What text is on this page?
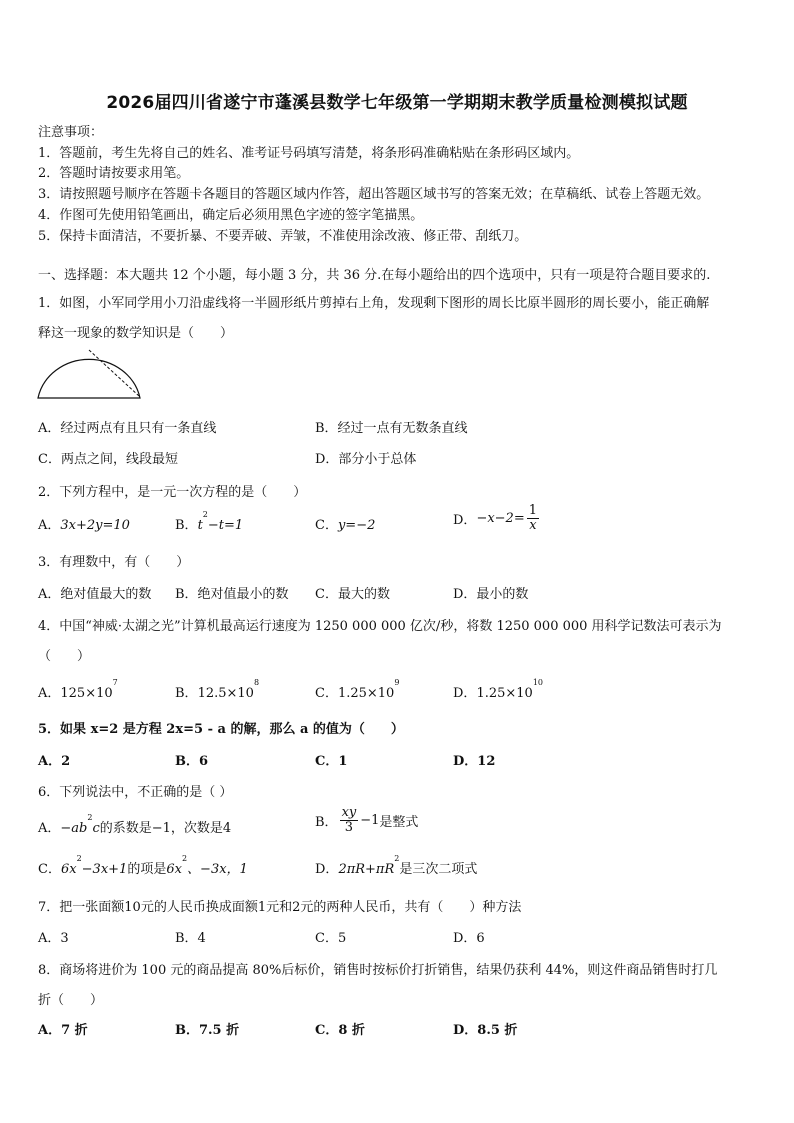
2026届四川省遂宁市蓬溪县数学七年级第一学期期末教学质量检测模拟试题
注意事项：
1．答题前，考生先将自己的姓名、准考证号码填写清楚，将条形码准确粘贴在条形码区域内。
2．答题时请按要求用笔。
3．请按照题号顺序在答题卡各题目的答题区域内作答，超出答题区域书写的答案无效；在草稿纸、试卷上答题无效。
4．作图可先使用铅笔画出，确定后必须用黑色字迹的签字笔描黑。
5．保持卡面清洁，不要折暴、不要弄破、弄皱，不准使用涂改液、修正带、刮纸刀。
一、选择题：本大题共 12 个小题，每小题 3 分，共 36 分.在每小题给出的四个选项中，只有一项是符合题目要求的.
1．如图，小军同学用小刀沿虚线将一半圆形纸片剪掉右上角，发现剩下图形的周长比原半圆形的周长要小，能正确解
释这一现象的数学知识是（　　）
A．经过两点有且只有一条直线	B．经过一点有无数条直线
C．两点之间，线段最短	D．部分小于总体
2．下列方程中，是一元一次方程的是（　　）
A．3x+2y=10	B．$t^2-t=1$	C．y=−2	D．$-x-2= \frac{1}{x}$
3．有理数中，有（　　）
A．绝对值最大的数 B．绝对值最小的数 C．最大的数	D．最小的数
4．中国“神威·太湖之光”计算机最高运行速度为 1250 000 000 亿次/秒，将数 1250 000 000 用科学记数法可表示为
（　　）
A．$125\times 10^7$
B．$12.5\times 10^8$
C．$1.25\times 10^9$
D．$1.25\times 10^{10}$
5．如果 x=2 是方程 2x=5 - a 的解，那么 a 的值为（　　）
A．2	B．6	C．1	D．12
6．下列说法中，不正确的是（ ）
A．$-ab^2c$的系数是−1，次数是4	B． $\frac{xy}{3} -1$是整式
C．$6x^2-3x+1$的项是$6x^2$、−3x，1	D．$2\pi R+\pi R^2$是三次二项式
7．把一张面额10元的人民币换成面额1元和2元的两种人民币，共有（　　）种方法
A．3	B．4	C．5	D．6
8．商场将进价为 100 元的商品提高 80%后标价，销售时按标价打折销售，结果仍获利 44%，则这件商品销售时打几
折（　　）
A．7 折	B．7.5 折	C．8 折	D．8.5 折
